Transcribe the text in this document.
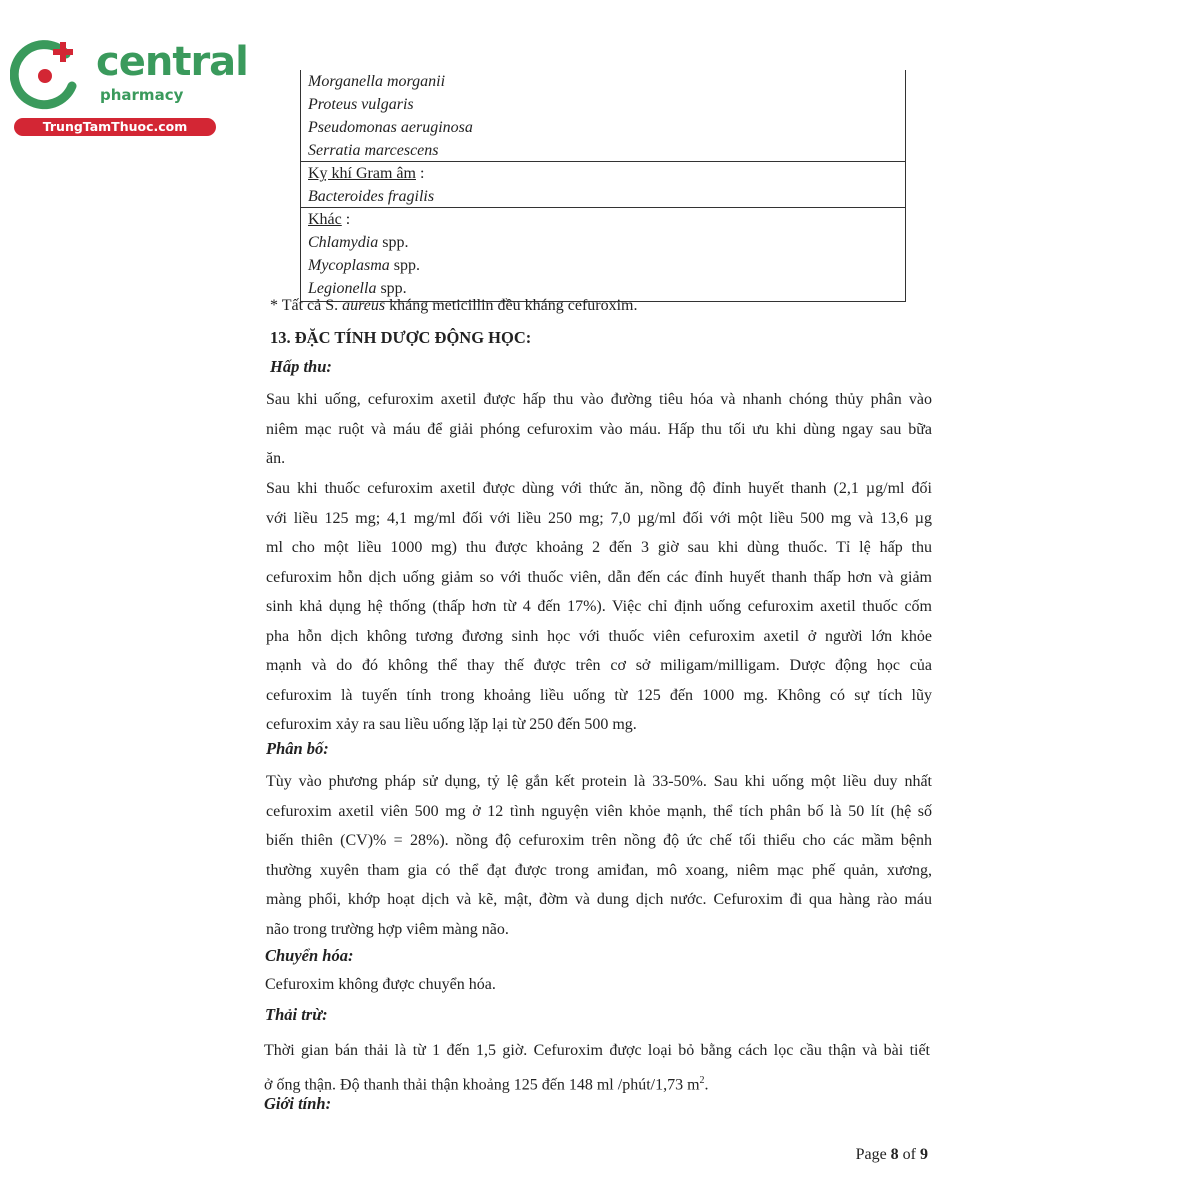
central
pharmacy
TrungTamThuoc.com
Morganella morganii
Proteus vulgaris
Pseudomonas aeruginosa
Serratia marcescens
Kỵ khí Gram âm :
Bacteroides fragilis
Khác :
Chlamydia spp.
Mycoplasma spp.
Legionella spp.
* Tất cả S. aureus kháng meticillin đều kháng cefuroxim.
13. ĐẶC TÍNH DƯỢC ĐỘNG HỌC:
Hấp thu:
Sau khi uống, cefuroxim axetil được hấp thu vào đường tiêu hóa và nhanh chóng thủy phân vào
niêm mạc ruột và máu để giải phóng cefuroxim vào máu. Hấp thu tối ưu khi dùng ngay sau bữa
ăn.
Sau khi thuốc cefuroxim axetil được dùng với thức ăn, nồng độ đỉnh huyết thanh (2,1 µg/ml đối
với liều 125 mg; 4,1 mg/ml đối với liều 250 mg; 7,0 µg/ml đối với một liều 500 mg và 13,6 µg
ml cho một liều 1000 mg) thu được khoảng 2 đến 3 giờ sau khi dùng thuốc. Tỉ lệ hấp thu
cefuroxim hỗn dịch uống giảm so với thuốc viên, dẫn đến các đỉnh huyết thanh thấp hơn và giảm
sinh khả dụng hệ thống (thấp hơn từ 4 đến 17%). Việc chỉ định uống cefuroxim axetil thuốc cốm
pha hỗn dịch không tương đương sinh học với thuốc viên cefuroxim axetil ở người lớn khỏe
mạnh và do đó không thể thay thế được trên cơ sở miligam/milligam. Dược động học của
cefuroxim là tuyến tính trong khoảng liều uống từ 125 đến 1000 mg. Không có sự tích lũy
cefuroxim xảy ra sau liều uống lặp lại từ 250 đến 500 mg.
Phân bố:
Tùy vào phương pháp sử dụng, tỷ lệ gắn kết protein là 33-50%. Sau khi uống một liều duy nhất
cefuroxim axetil viên 500 mg ở 12 tình nguyện viên khỏe mạnh, thể tích phân bố là 50 lít (hệ số
biến thiên (CV)% = 28%). nồng độ cefuroxim trên nồng độ ức chế tối thiểu cho các mầm bệnh
thường xuyên tham gia có thể đạt được trong amiđan, mô xoang, niêm mạc phế quản, xương,
màng phổi, khớp hoạt dịch và kẽ, mật, đờm và dung dịch nước. Cefuroxim đi qua hàng rào máu
não trong trường hợp viêm màng não.
Chuyển hóa:
Cefuroxim không được chuyển hóa.
Thải trừ:
Thời gian bán thải là từ 1 đến 1,5 giờ. Cefuroxim được loại bỏ bằng cách lọc cầu thận và bài tiết
ở ống thận. Độ thanh thải thận khoảng 125 đến 148 ml /phút/1,73 $m^2$.
Giới tính:
Page 8 of 9
